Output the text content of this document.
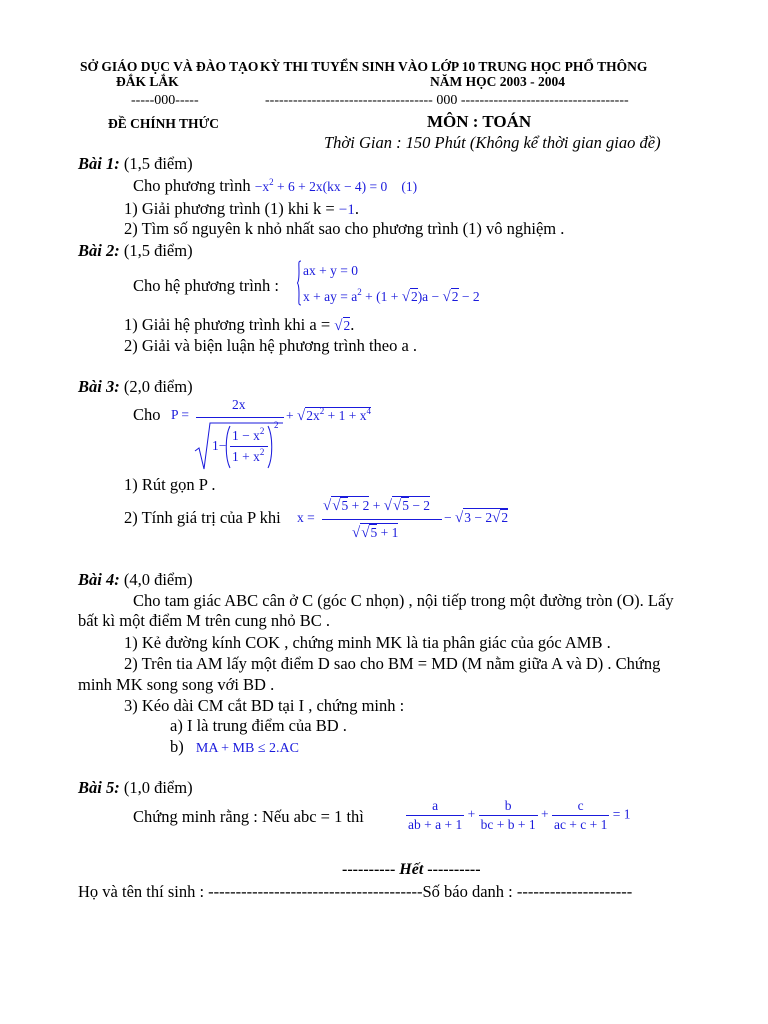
SỞ GIÁO DỤC VÀ ĐÀO TẠO
ĐẮK LẮK
-----000-----
KỲ THI TUYỂN SINH VÀO LỚP 10 TRUNG HỌC PHỔ THÔNG
NĂM HỌC 2003 - 2004
------------------------------------ 000 ------------------------------------
ĐỀ CHÍNH THỨC	MÔN : TOÁN
Thời Gian : 150 Phút (Không kể thời gian giao đề)
Bài 1: (1,5 điểm)
Cho phương trình $-x^2 + 6 + 2x(kx - 4) = 0$ (1)
1) Giải phương trình (1) khi k = −1.
2) Tìm số nguyên k nhỏ nhất sao cho phương trình (1) vô nghiệm .
Bài 2: (1,5 điểm)
Cho hệ phương trình :
ax + y = 0
x + ay = $a^2 + (1 + √2)a - √2 - 2$
1) Giải hệ phương trình khi a = √2.
2) Giải và biện luận hệ phương trình theo a .
Bài 3: (2,0 điểm)
Cho P =
2x
1−
$1 - x^2$
$1 + x^2$
2
+ $√2x^2 + 1 + x^4$
1) Rút gọn P .
2) Tính giá trị của P khi x =
√√5 + 2 + √√5 − 2
√√5 + 1
− √3 − 2√2
Bài 4: (4,0 điểm)
Cho tam giác ABC cân ở C (góc C nhọn) , nội tiếp trong một đường tròn (O). Lấy
bất kì một điểm M trên cung nhỏ BC .
1) Kẻ đường kính COK , chứng minh MK là tia phân giác của góc AMB .
2) Trên tia AM lấy một điểm D sao cho BM = MD (M nằm giữa A và D) . Chứng
minh MK song song với BD .
3) Kéo dài CM cắt BD tại I , chứng minh :
a) I là trung điểm của BD .
b) MA + MB ≤ 2.AC
Bài 5: (1,0 điểm)
Chứng minh rằng : Nếu abc = 1 thì	$\frac{a}{ab + a + 1} + \frac{b}{bc + b + 1} + \frac{c}{ac + c + 1} = 1$
---------- Hết ----------
Họ và tên thí sinh : ---------------------------------------Số báo danh : ---------------------
